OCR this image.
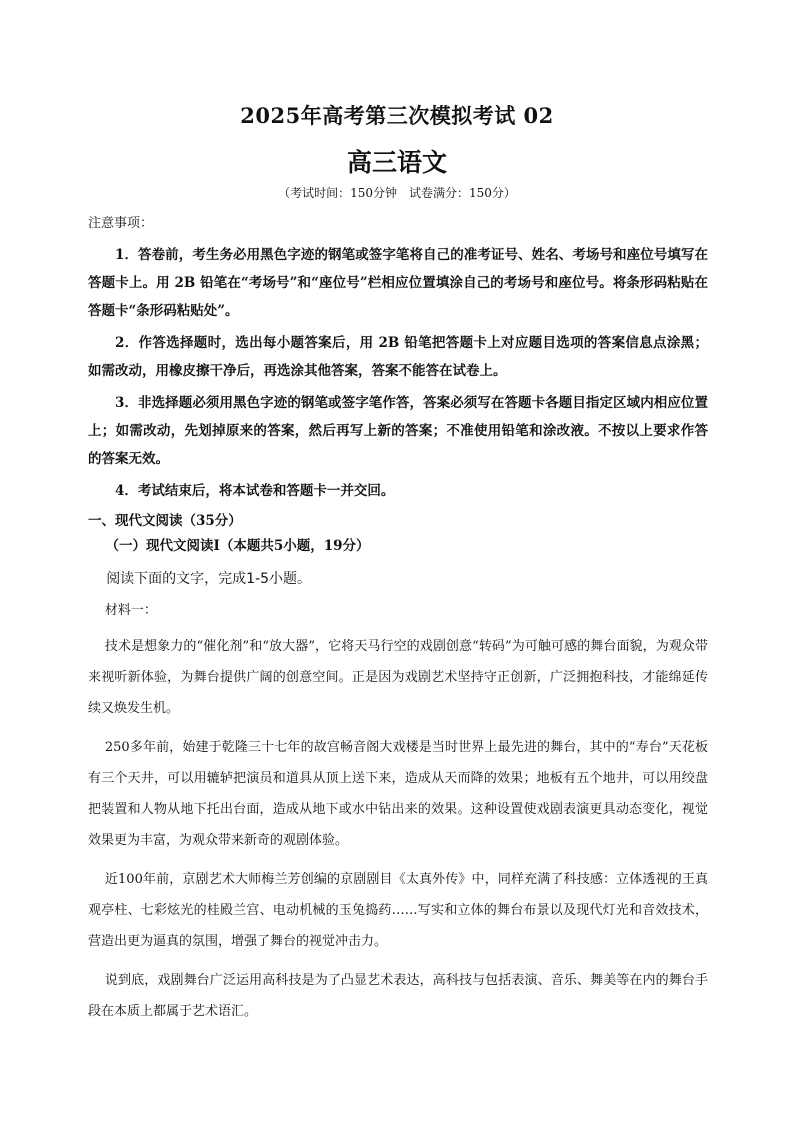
2025年高考第三次模拟考试 02
高三语文
（考试时间：150分钟　试卷满分：150分）

注意事项：

1．答卷前，考生务必用黑色字迹的钢笔或签字笔将自己的准考证号、姓名、考场号和座位号填写在答题卡上。用 2B 铅笔在“考场号”和“座位号”栏相应位置填涂自己的考场号和座位号。将条形码粘贴在答题卡“条形码粘贴处”。

2．作答选择题时，选出每小题答案后，用 2B 铅笔把答题卡上对应题目选项的答案信息点涂黑；如需改动，用橡皮擦干净后，再选涂其他答案，答案不能答在试卷上。

3．非选择题必须用黑色字迹的钢笔或签字笔作答，答案必须写在答题卡各题目指定区域内相应位置上；如需改动，先划掉原来的答案，然后再写上新的答案；不准使用铅笔和涂改液。不按以上要求作答的答案无效。

4．考试结束后，将本试卷和答题卡一并交回。

一、现代文阅读（35分）

（一）现代文阅读Ⅰ（本题共5小题，19分）

阅读下面的文字，完成1-5小题。

材料一：

技术是想象力的“催化剂”和“放大器”，它将天马行空的戏剧创意“转码”为可触可感的舞台面貌，为观众带来视听新体验，为舞台提供广阔的创意空间。正是因为戏剧艺术坚持守正创新，广泛拥抱科技，才能绵延传续又焕发生机。

250多年前，始建于乾隆三十七年的故宫畅音阁大戏楼是当时世界上最先进的舞台，其中的“寿台”天花板有三个天井，可以用辘轳把演员和道具从顶上送下来，造成从天而降的效果；地板有五个地井，可以用绞盘把装置和人物从地下托出台面，造成从地下或水中钻出来的效果。这种设置使戏剧表演更具动态变化，视觉效果更为丰富，为观众带来新奇的观剧体验。

近100年前，京剧艺术大师梅兰芳创编的京剧剧目《太真外传》中，同样充满了科技感：立体透视的王真观亭柱、七彩炫光的桂殿兰宫、电动机械的玉兔捣药……写实和立体的舞台布景以及现代灯光和音效技术，营造出更为逼真的氛围，增强了舞台的视觉冲击力。

说到底，戏剧舞台广泛运用高科技是为了凸显艺术表达，高科技与包括表演、音乐、舞美等在内的舞台手段在本质上都属于艺术语汇。
